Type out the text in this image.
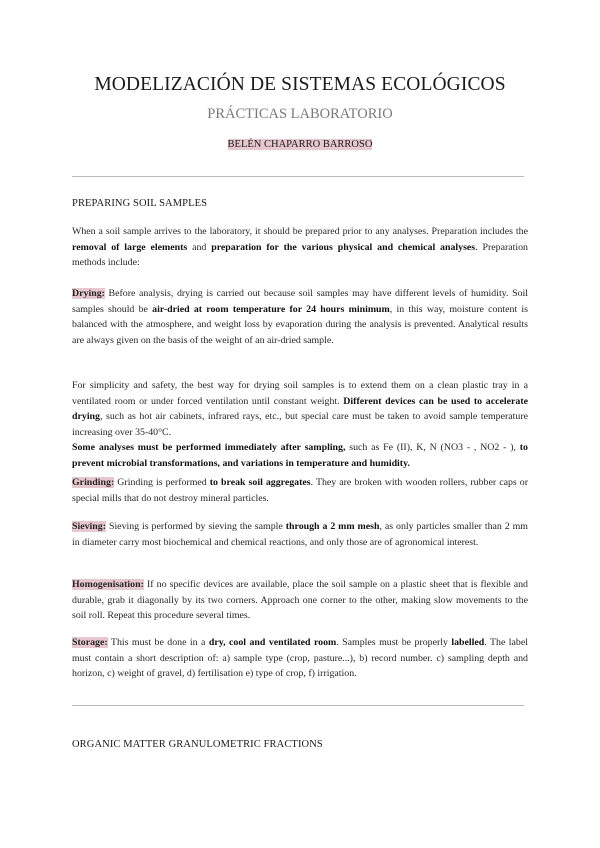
MODELIZACIÓN DE SISTEMAS ECOLÓGICOS
PRÁCTICAS LABORATORIO
BELÉN CHAPARRO BARROSO
PREPARING SOIL SAMPLES
When a soil sample arrives to the laboratory, it should be prepared prior to any analyses. Preparation includes the removal of large elements and preparation for the various physical and chemical analyses. Preparation methods include:
Drying: Before analysis, drying is carried out because soil samples may have different levels of humidity. Soil samples should be air-dried at room temperature for 24 hours minimum, in this way, moisture content is balanced with the atmosphere, and weight loss by evaporation during the analysis is prevented. Analytical results are always given on the basis of the weight of an air-dried sample.
For simplicity and safety, the best way for drying soil samples is to extend them on a clean plastic tray in a ventilated room or under forced ventilation until constant weight. Different devices can be used to accelerate drying, such as hot air cabinets, infrared rays, etc., but special care must be taken to avoid sample temperature increasing over 35-40°C.
Some analyses must be performed immediately after sampling, such as Fe (II), K, N (NO3 - , NO2 - ), to prevent microbial transformations, and variations in temperature and humidity.
Grinding: Grinding is performed to break soil aggregates. They are broken with wooden rollers, rubber caps or special mills that do not destroy mineral particles.
Sieving: Sieving is performed by sieving the sample through a 2 mm mesh, as only particles smaller than 2 mm in diameter carry most biochemical and chemical reactions, and only those are of agronomical interest.
Homogenisation: If no specific devices are available, place the soil sample on a plastic sheet that is flexible and durable, grab it diagonally by its two corners. Approach one corner to the other, making slow movements to the soil roll. Repeat this procedure several times.
Storage: This must be done in a dry, cool and ventilated room. Samples must be properly labelled. The label must contain a short description of: a) sample type (crop, pasture...), b) record number. c) sampling depth and horizon, c) weight of gravel, d) fertilisation e) type of crop, f) irrigation.
ORGANIC MATTER GRANULOMETRIC FRACTIONS
